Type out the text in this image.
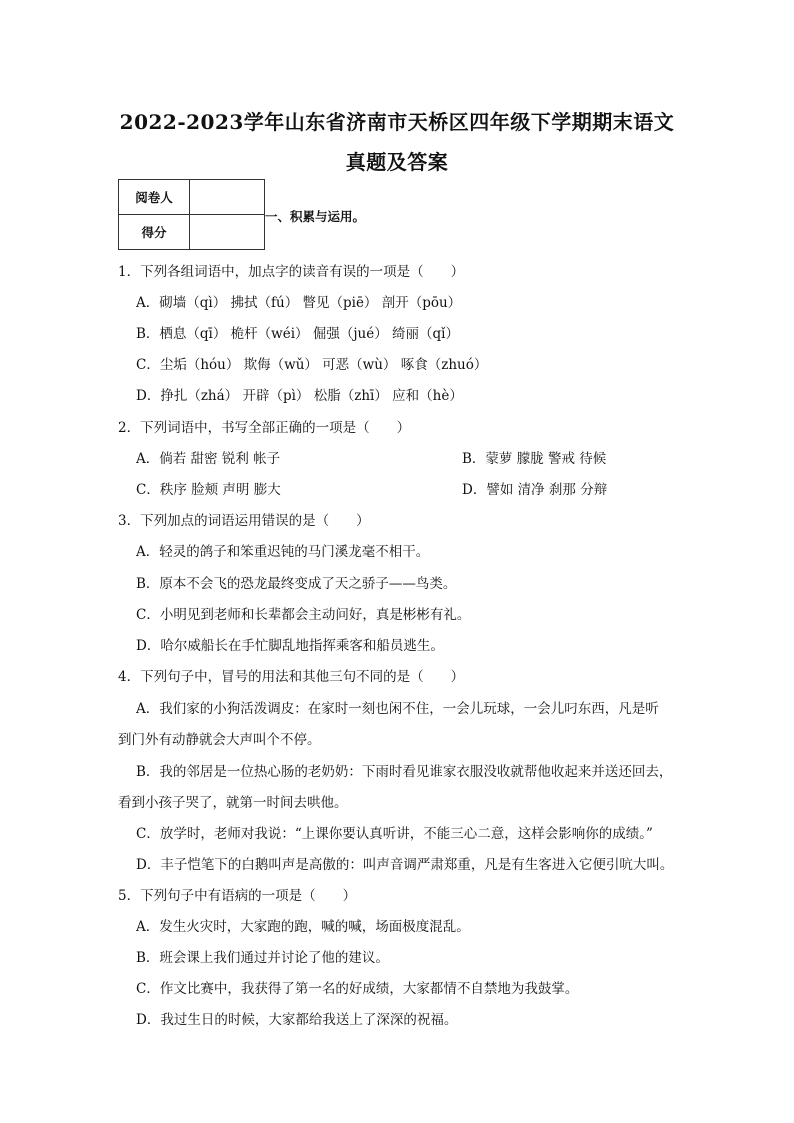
2022-2023学年山东省济南市天桥区四年级下学期期末语文
真题及答案
阅卷人	
得分	
一、积累与运用。
1．下列各组词语中，加点字的读音有误的一项是（　　）
A．砌墙（qì） 拂拭（fú） 瞥见（piē） 剖开（pōu）
B．栖息（qī） 桅杆（wéi） 倔强（jué） 绮丽（qǐ）
C．尘垢（hóu） 欺侮（wǔ） 可恶（wù） 啄食（zhuó）
D．挣扎（zhá） 开辟（pì） 松脂（zhī） 应和（hè）
2．下列词语中，书写全部正确的一项是（　　）
A．倘若 甜密 锐利 帐子	B．蒙萝 朦胧 警戒 待候
C．秩序 脸颊 声明 膨大	D．譬如 清净 刹那 分辩
3．下列加点的词语运用错误的是（　　）
A．轻灵的鸽子和笨重迟钝的马门溪龙毫不相干。
B．原本不会飞的恐龙最终变成了天之骄子——鸟类。
C．小明见到老师和长辈都会主动问好，真是彬彬有礼。
D．哈尔威船长在手忙脚乱地指挥乘客和船员逃生。
4．下列句子中，冒号的用法和其他三句不同的是（　　）
A．我们家的小狗活泼调皮：在家时一刻也闲不住，一会儿玩球，一会儿叼东西，凡是听
到门外有动静就会大声叫个不停。
B．我的邻居是一位热心肠的老奶奶：下雨时看见谁家衣服没收就帮他收起来并送还回去，
看到小孩子哭了，就第一时间去哄他。
C．放学时，老师对我说：“上课你要认真听讲，不能三心二意，这样会影响你的成绩。”
D．丰子恺笔下的白鹅叫声是高傲的：叫声音调严肃郑重，凡是有生客进入它便引吭大叫。
5．下列句子中有语病的一项是（　　）
A．发生火灾时，大家跑的跑，喊的喊，场面极度混乱。
B．班会课上我们通过并讨论了他的建议。
C．作文比赛中，我获得了第一名的好成绩，大家都情不自禁地为我鼓掌。
D．我过生日的时候，大家都给我送上了深深的祝福。
